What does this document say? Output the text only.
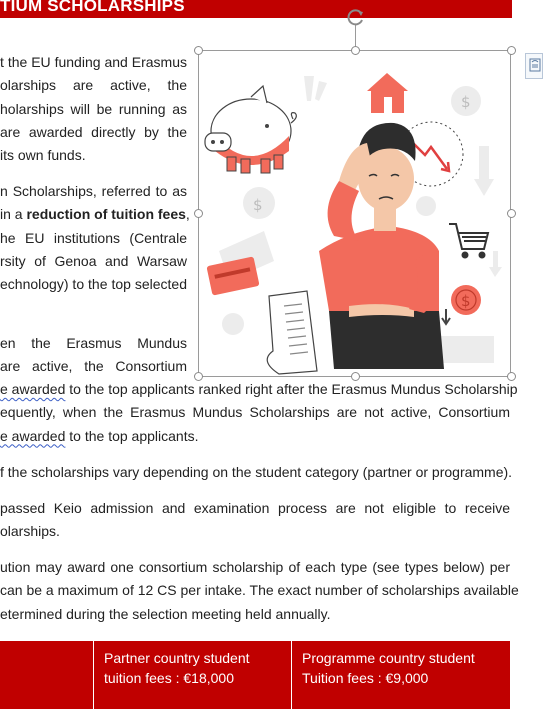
TIUM SCHOLARSHIPS
t the EU funding and Erasmus
olarships are active, the
holarships will be running as
are awarded directly by the
its own funds.
n Scholarships, referred to as
in a reduction of tuition fees,
he EU institutions (Centrale
rsity of Genoa and Warsaw
echnology) to the top selected
en the Erasmus Mundus
are active, the Consortium
e awarded to the top applicants ranked right after the Erasmus Mundus Scholarship
equently, when the Erasmus Mundus Scholarships are not active, Consortium
e awarded to the top applicants.
f the scholarships vary depending on the student category (partner or programme).
passed Keio admission and examination process are not eligible to receive
olarships.
ution may award one consortium scholarship of each type (see types below) per
can be a maximum of 12 CS per intake. The exact number of scholarships available
etermined during the selection meeting held annually.
$
$
$
Partner country student
tuition fees : €18,000
Programme country student
Tuition fees : €9,000
